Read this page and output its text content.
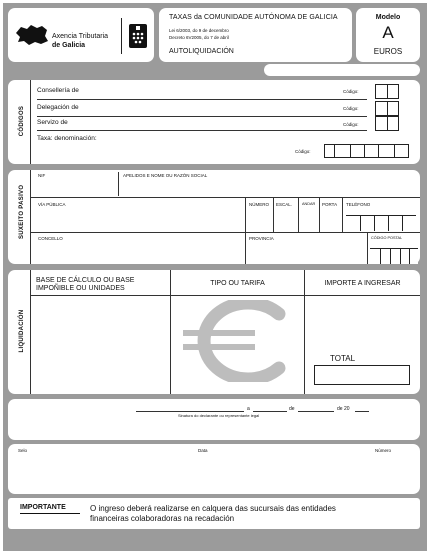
Axencia Tributaria
de Galicia
TAXAS da COMUNIDADE AUTÓNOMA DE GALICIA
Lei 6/2003, do 9 de decembro
Decreto 6V2005, do 7 de abril
AUTOLIQUIDACIÓN
Modelo
A
EUROS
CÓDIGOS
Consellería de	Código:
Delegación de	Código:
Servizo de	Código:
Taxa: denominación:
Código:
SUXEITO PASIVO
NIF	APELIDOS E NOME OU RAZÓN SOCIAL
VÍA PÚBLICA	NÚMERO ESCAL.	ANDAR PORTA TELÉFONO
CONCELLO	PROVINCIA	CÓDIGO POSTAL
LIQUIDACIÓN
BASE DE CÁLCULO OU BASE
IMPOÑIBLE OU UNIDADES
TIPO OU TARIFA	IMPORTE A INGRESAR
TOTAL
a	de	de 20
Sinatura do declarante ou representante legal
Selo	Data	Número
IMPORTANTE	O ingreso deberá realizarse en calquera das sucursais das entidades
financeiras colaboradoras na recadación
